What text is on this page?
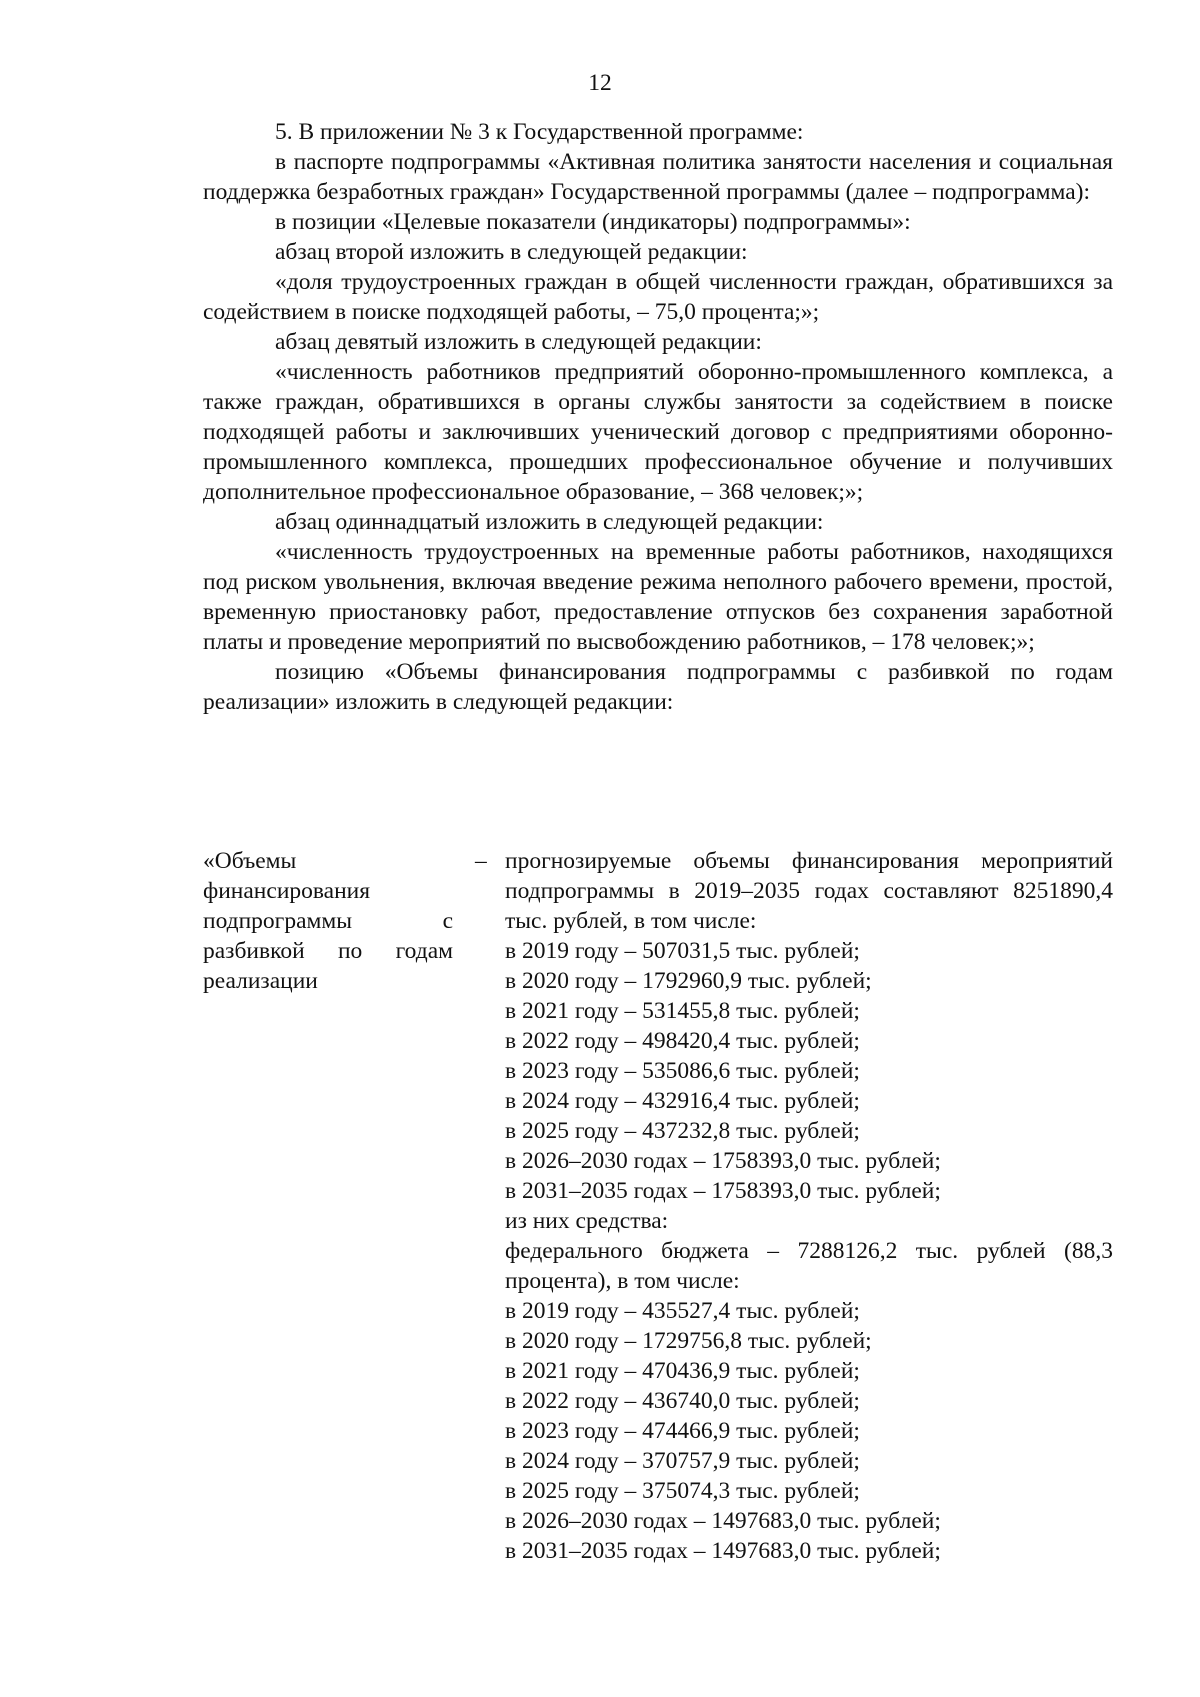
12

5. В приложении № 3 к Государственной программе:

в паспорте подпрограммы «Активная политика занятости населения и социальная поддержка безработных граждан» Государственной программы (далее – подпрограмма):

в позиции «Целевые показатели (индикаторы) подпрограммы»:

абзац второй изложить в следующей редакции:

«доля трудоустроенных граждан в общей численности граждан, обратившихся за содействием в поиске подходящей работы, – 75,0 процента;»;

абзац девятый изложить в следующей редакции:

«численность работников предприятий оборонно-промышленного комплекса, а также граждан, обратившихся в органы службы занятости за содействием в поиске подходящей работы и заключивших ученический договор с предприятиями оборонно-промышленного комплекса, прошедших профессиональное обучение и получивших дополнительное профессиональное образование, – 368 человек;»;

абзац одиннадцатый изложить в следующей редакции:

«численность трудоустроенных на временные работы работников, находящихся под риском увольнения, включая введение режима неполного рабочего времени, простой, временную приостановку работ, предоставление отпусков без сохранения заработной платы и проведение мероприятий по высвобождению работников, – 178 человек;»;

позицию «Объемы финансирования подпрограммы с разбивкой по годам реализации» изложить в следующей редакции:

«Объемы финансирования подпрограммы с разбивкой по годам реализации
– прогнозируемые объемы финансирования мероприятий подпрограммы в 2019–2035 годах составляют 8251890,4 тыс. рублей, в том числе:
в 2019 году – 507031,5 тыс. рублей;
в 2020 году – 1792960,9 тыс. рублей;
в 2021 году – 531455,8 тыс. рублей;
в 2022 году – 498420,4 тыс. рублей;
в 2023 году – 535086,6 тыс. рублей;
в 2024 году – 432916,4 тыс. рублей;
в 2025 году – 437232,8 тыс. рублей;
в 2026–2030 годах – 1758393,0 тыс. рублей;
в 2031–2035 годах – 1758393,0 тыс. рублей;
из них средства:
федерального бюджета – 7288126,2 тыс. рублей (88,3 процента), в том числе:
в 2019 году – 435527,4 тыс. рублей;
в 2020 году – 1729756,8 тыс. рублей;
в 2021 году – 470436,9 тыс. рублей;
в 2022 году – 436740,0 тыс. рублей;
в 2023 году – 474466,9 тыс. рублей;
в 2024 году – 370757,9 тыс. рублей;
в 2025 году – 375074,3 тыс. рублей;
в 2026–2030 годах – 1497683,0 тыс. рублей;
в 2031–2035 годах – 1497683,0 тыс. рублей;
